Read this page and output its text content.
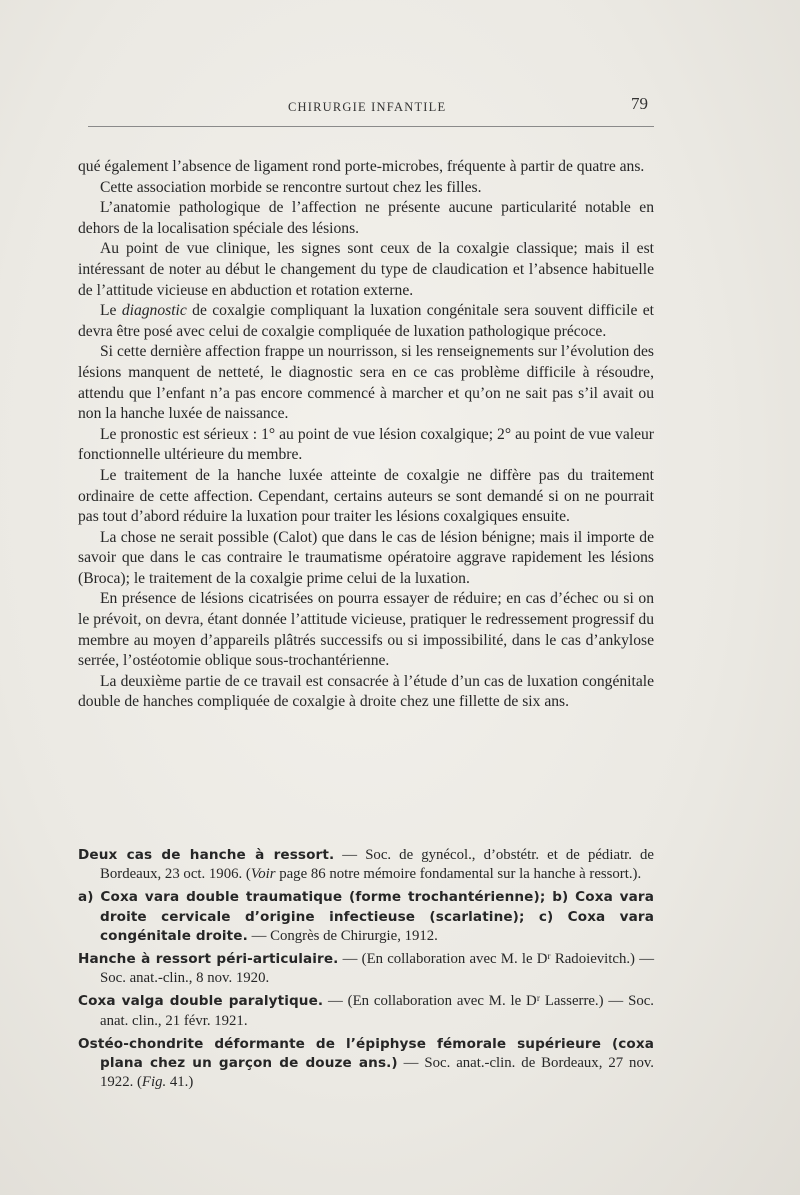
CHIRURGIE INFANTILE	79

qué également l’absence de ligament rond porte-microbes, fréquente à partir de quatre ans.

Cette association morbide se rencontre surtout chez les filles.

L’anatomie pathologique de l’affection ne présente aucune particularité notable en dehors de la localisation spéciale des lésions.

Au point de vue clinique, les signes sont ceux de la coxalgie classique; mais il est intéressant de noter au début le changement du type de claudication et l’absence habituelle de l’attitude vicieuse en abduction et rotation externe.

Le diagnostic de coxalgie compliquant la luxation congénitale sera souvent difficile et devra être posé avec celui de coxalgie compliquée de luxation pathologique précoce.

Si cette dernière affection frappe un nourrisson, si les renseignements sur l’évolution des lésions manquent de netteté, le diagnostic sera en ce cas problème difficile à résoudre, attendu que l’enfant n’a pas encore commencé à marcher et qu’on ne sait pas s’il avait ou non la hanche luxée de naissance.

Le pronostic est sérieux : 1° au point de vue lésion coxalgique; 2° au point de vue valeur fonctionnelle ultérieure du membre.

Le traitement de la hanche luxée atteinte de coxalgie ne diffère pas du traitement ordinaire de cette affection. Cependant, certains auteurs se sont demandé si on ne pourrait pas tout d’abord réduire la luxation pour traiter les lésions coxalgiques ensuite.

La chose ne serait possible (Calot) que dans le cas de lésion bénigne; mais il importe de savoir que dans le cas contraire le traumatisme opératoire aggrave rapidement les lésions (Broca); le traitement de la coxalgie prime celui de la luxation.

En présence de lésions cicatrisées on pourra essayer de réduire; en cas d’échec ou si on le prévoit, on devra, étant donnée l’attitude vicieuse, pratiquer le redressement progressif du membre au moyen d’appareils plâtrés successifs ou si impossibilité, dans le cas d’ankylose serrée, l’ostéotomie oblique sous-trochantérienne.

La deuxième partie de ce travail est consacrée à l’étude d’un cas de luxation congénitale double de hanches compliquée de coxalgie à droite chez une fillette de six ans.

Deux cas de hanche à ressort. — Soc. de gynécol., d’obstétr. et de pédiatr. de Bordeaux, 23 oct. 1906. (Voir page 86 notre mémoire fondamental sur la hanche à ressort.).

a) Coxa vara double traumatique (forme trochantérienne); b) Coxa vara droite cervicale d’origine infectieuse (scarlatine); c) Coxa vara congénitale droite. — Congrès de Chirurgie, 1912.

Hanche à ressort péri-articulaire. — (En collaboration avec M. le Dʳ Radoievitch.) — Soc. anat.-clin., 8 nov. 1920.

Coxa valga double paralytique. — (En collaboration avec M. le Dʳ Lasserre.) — Soc. anat. clin., 21 févr. 1921.

Ostéo-chondrite déformante de l’épiphyse fémorale supérieure (coxa plana chez un garçon de douze ans.) — Soc. anat.-clin. de Bordeaux, 27 nov. 1922. (Fig. 41.)
